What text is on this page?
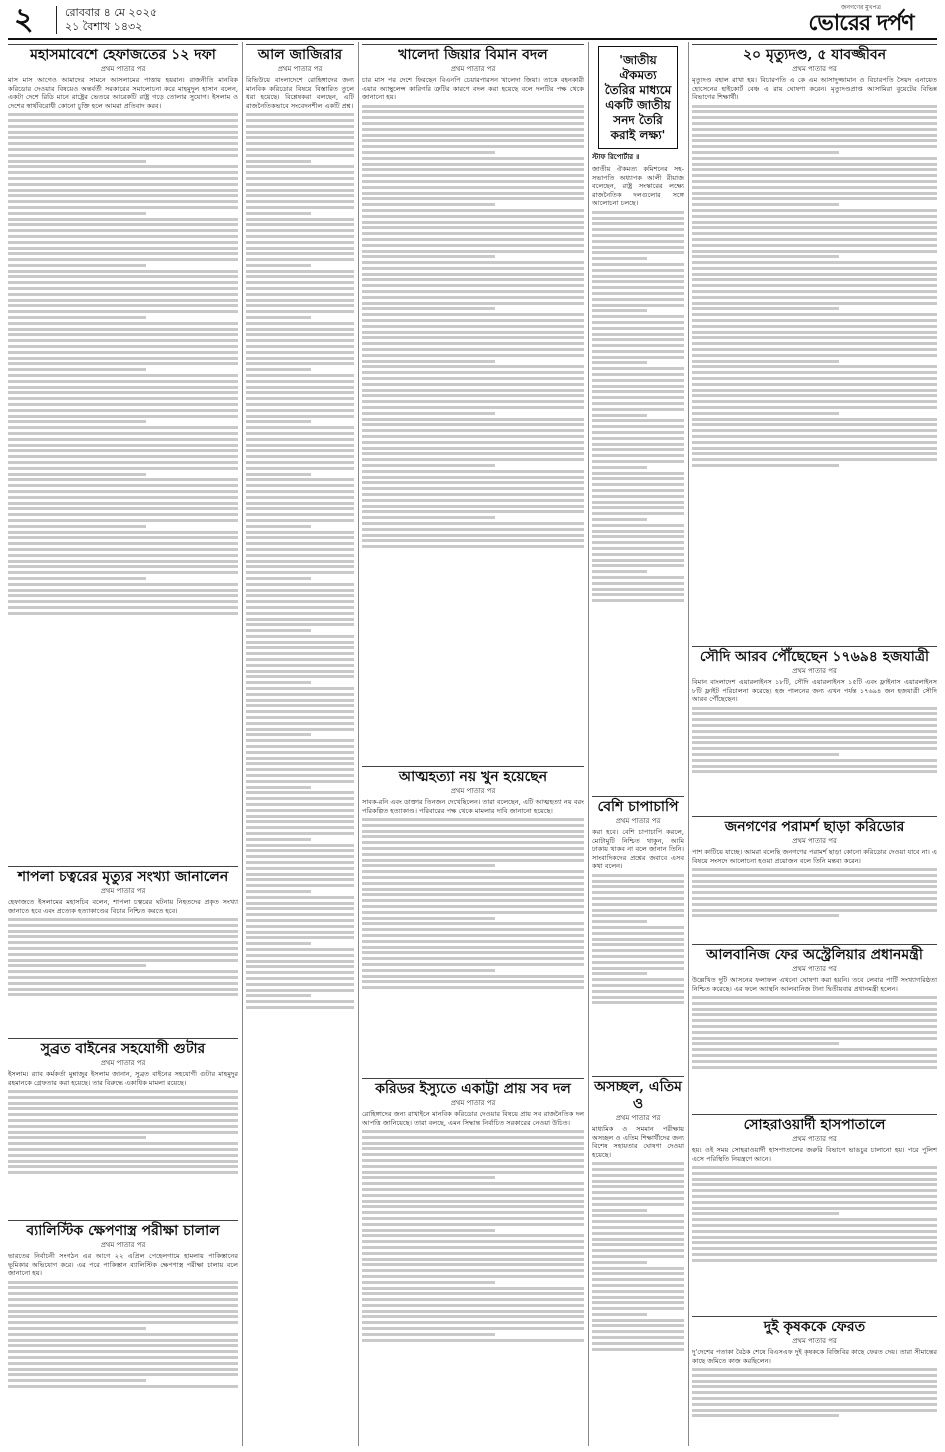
২	রোববার ৪ মে ২০২৫
২১ বৈশাখ ১৪৩২
জনগণের মুখপত্র
ভোরের দর্পণ
মহাসমাবেশে হেফাজতের ১২ দফা

প্রথম পাতার পর

মাস মাস আগেও আমাদের সামনে আসলামের পাত্তায় হয়রান। রাজনীতি মানবিক করিডোর দেওয়ার বিষয়েও অন্তর্বর্তী সরকারের সমালোচনা করে মাহমুদুল হাসান বলেন, একটা দেশে রিডি মানে রাষ্ট্রের ভেতরে আরেকটি রাষ্ট্র গড়ে তোলার সুযোগ। ইসলাম ও দেশের স্বার্থবিরোধী কোনো চুক্তি হলে আমরা প্রতিবাদ করব।

শাপলা চত্বরের মৃত্যুর সংখ্যা জানালেন

প্রথম পাতার পর

হেফাজতে ইসলামের মহাসচিব বলেন, শাপলা চত্বরের ঘটনায় নিহতদের প্রকৃত সংখ্যা জানাতে হবে এবং প্রত্যেক হত্যাকাণ্ডের বিচার নিশ্চিত করতে হবে।

সুব্রত বাইনের সহযোগী গুটার

প্রথম পাতার পর

ইসলাম। র‍্যাব কর্মকর্তা মুন্নাজুর ইসলাম জানান, সুব্রত বাইনের সহযোগী গুটার মাহমুদুর রহমানকে গ্রেফতার করা হয়েছে। তার বিরুদ্ধে একাধিক মামলা রয়েছে।

ব্যালিস্টিক ক্ষেপণাস্ত্র পরীক্ষা চালাল

প্রথম পাতার পর

ভারতের নির্বাচনী সংগঠন এর আগে ২২ এপ্রিল পেহেলগামে হামলায় পাকিস্তানের ভূমিকার অভিযোগ করে। এর পরে পাকিস্তান ব্যালিস্টিক ক্ষেপণাস্ত্র পরীক্ষা চালায় বলে জানানো হয়।

আল জাজিরার

প্রথম পাতার পর

রিভিউয়ে বাংলাদেশে রোহিঙ্গাদের জন্য মানবিক করিডোর বিষয়ে বিস্তারিত তুলে ধরা হয়েছে। বিশ্লেষকরা বলছেন, এটি রাজনৈতিকভাবে সংবেদনশীল একটি প্রশ্ন।

খালেদা জিয়ার বিমান বদল

প্রথম পাতার পর

চার মাস পর দেশে ফিরছেন বিএনপি চেয়ারপারসন খালেদা জিয়া। তাকে বহনকারী এয়ার অ্যাম্বুলেন্স কারিগরি ত্রুটির কারণে বদল করা হয়েছে বলে দলটির পক্ষ থেকে জানানো হয়।

আত্মহত্যা নয় খুন হয়েছেন

প্রথম পাতার পর

সাবক-রনি এবং ডাক্তার তিনজন দেখেছিলেন। তারা বলেছেন, এটি আত্মহত্যা নয় বরং পরিকল্পিত হত্যাকাণ্ড। পরিবারের পক্ষ থেকে মামলার দাবি জানানো হয়েছে।

করিডর ইস্যুতে একাট্টা প্রায় সব দল

প্রথম পাতার পর

রোহিঙ্গাদের জন্য রাখাইনে মানবিক করিডোর দেওয়ার বিষয়ে প্রায় সব রাজনৈতিক দল আপত্তি জানিয়েছে। তারা বলছে, এমন সিদ্ধান্ত নির্বাচিত সরকারের নেওয়া উচিত।

'জাতীয় ঐকমত্য তৈরির মাধ্যমে একটি জাতীয় সনদ তৈরি করাই লক্ষ্য'

স্টাফ রিপোর্টার ॥

জাতীয় ঐকমত্য কমিশনের সহ-সভাপতি অধ্যাপক আলী রীয়াজ বলেছেন, রাষ্ট্র সংস্কারের লক্ষ্যে রাজনৈতিক দলগুলোর সঙ্গে আলোচনা চলছে।

বেশি চাপাচাপি

প্রথম পাতার পর

করা হবে। বেশি চাপাচাপি করলে, মোটামুটি নিশ্চিত থাকুন, আমি ঢাকায় থাকব না বলে জানান তিনি। সাংবাদিকদের প্রশ্নের জবাবে এসব কথা বলেন।

অসচ্ছল, এতিম ও

প্রথম পাতার পর

মাধ্যমিক ও সমমান পরীক্ষায় অসচ্ছল ও এতিম শিক্ষার্থীদের জন্য বিশেষ সহায়তার ঘোষণা দেওয়া হয়েছে।

২০ মৃত্যুদণ্ড, ৫ যাবজ্জীবন

প্রথম পাতার পর

মৃত্যুদণ্ড বহাল রাখা হয়। বিচারপতি এ কে এম আসাদুজ্জামান ও বিচারপতি সৈয়দ এনায়েত হোসেনের হাইকোর্ট বেঞ্চ এ রায় ঘোষণা করেন। মৃত্যুদণ্ডপ্রাপ্ত আসামিরা বুয়েটের বিভিন্ন বিভাগের শিক্ষার্থী।

সৌদি আরব পৌঁছেছেন ১৭৬৯৪ হজযাত্রী

প্রথম পাতার পর

বিমান বাংলাদেশ এয়ারলাইনস ১৮টি, সৌদি এয়ারলাইনস ১৫টি এবং ফ্লাইনাস এয়ারলাইনস ৮টি ফ্লাইট পরিচালনা করেছে। হজ পালনের জন্য এখন পর্যন্ত ১৭৬৯৪ জন হজযাত্রী সৌদি আরব পৌঁছেছেন।

জনগণের পরামর্শ ছাড়া করিডোর

প্রথম পাতার পর

পাশ কাটিয়ে যাচ্ছে। আমরা বলেছি জনগণের পরামর্শ ছাড়া কোনো করিডোর দেওয়া যাবে না। এ বিষয়ে সংসদে আলোচনা হওয়া প্রয়োজন বলে তিনি মন্তব্য করেন।

আলবানিজ ফের অস্ট্রেলিয়ার প্রধানমন্ত্রী

প্রথম পাতার পর

উল্লেখিত দুটি আসনের ফলাফল এখনো ঘোষণা করা হয়নি। তবে লেবার পার্টি সংখ্যাগরিষ্ঠতা নিশ্চিত করেছে। এর ফলে অ্যান্থনি আলবানিজ টানা দ্বিতীয়বার প্রধানমন্ত্রী হলেন।

সোহরাওয়ার্দী হাসপাতালে

প্রথম পাতার পর

হয়। ওই সময় সোহরাওয়ার্দী হাসপাতালের জরুরি বিভাগে ভাঙচুর চালানো হয়। পরে পুলিশ এসে পরিস্থিতি নিয়ন্ত্রণে আনে।

দুই কৃষককে ফেরত

প্রথম পাতার পর

দু'দেশের পতাকা বৈঠক শেষে বিএসএফ দুই কৃষককে বিজিবির কাছে ফেরত দেয়। তারা সীমান্তের কাছে জমিতে কাজ করছিলেন।
